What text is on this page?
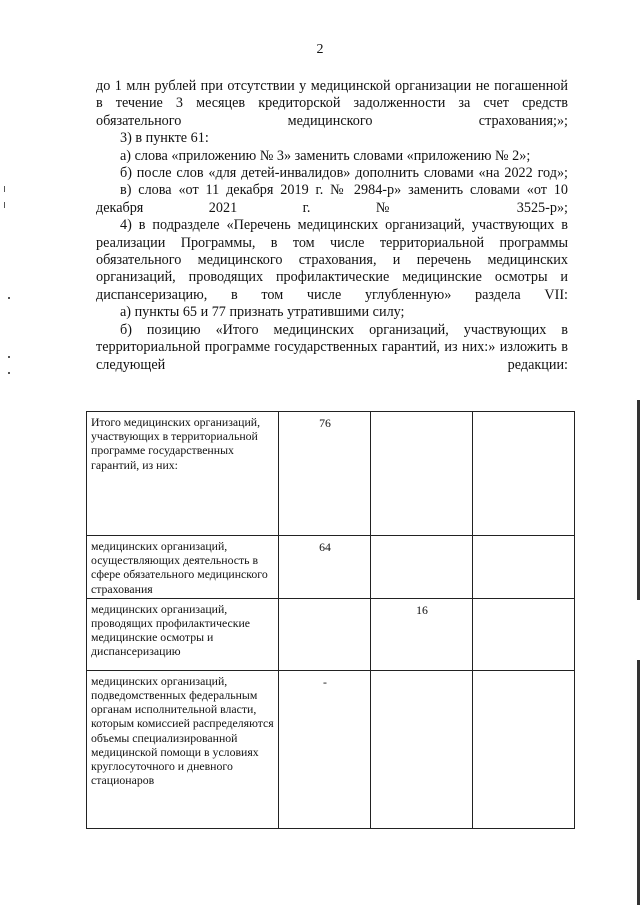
2

до 1 млн рублей при отсутствии у медицинской организации не погашенной в течение 3 месяцев кредиторской задолженности за счет средств обязательного медицинского страхования;»;

3) в пункте 61:

а) слова «приложению № 3» заменить словами «приложению № 2»;

б) после слов «для детей-инвалидов» дополнить словами «на 2022 год»;

в) слова «от 11 декабря 2019 г. № 2984-р» заменить словами «от 10 декабря 2021 г. № 3525-р»;

4) в подразделе «Перечень медицинских организаций, участвующих в реализации Программы, в том числе территориальной программы обязательного медицинского страхования, и перечень медицинских организаций, проводящих профилактические медицинские осмотры и диспансеризацию, в том числе углубленную» раздела VII:

а) пункты 65 и 77 признать утратившими силу;

б) позицию «Итого медицинских организаций, участвующих в территориальной программе государственных гарантий, из них:» изложить в следующей редакции:

Итого медицинских организаций, участвующих в территориальной программе государственных гарантий, из них:	76		
медицинских организаций, осуществляющих деятельность в сфере обязательного медицинского страхования	64		
медицинских организаций, проводящих профилактические медицинские осмотры и диспансеризацию		16	
медицинских организаций, подведомственных федеральным органам исполнительной власти, которым комиссией распределяются объемы специализированной медицинской помощи в условиях круглосуточного и дневного стационаров	-		
